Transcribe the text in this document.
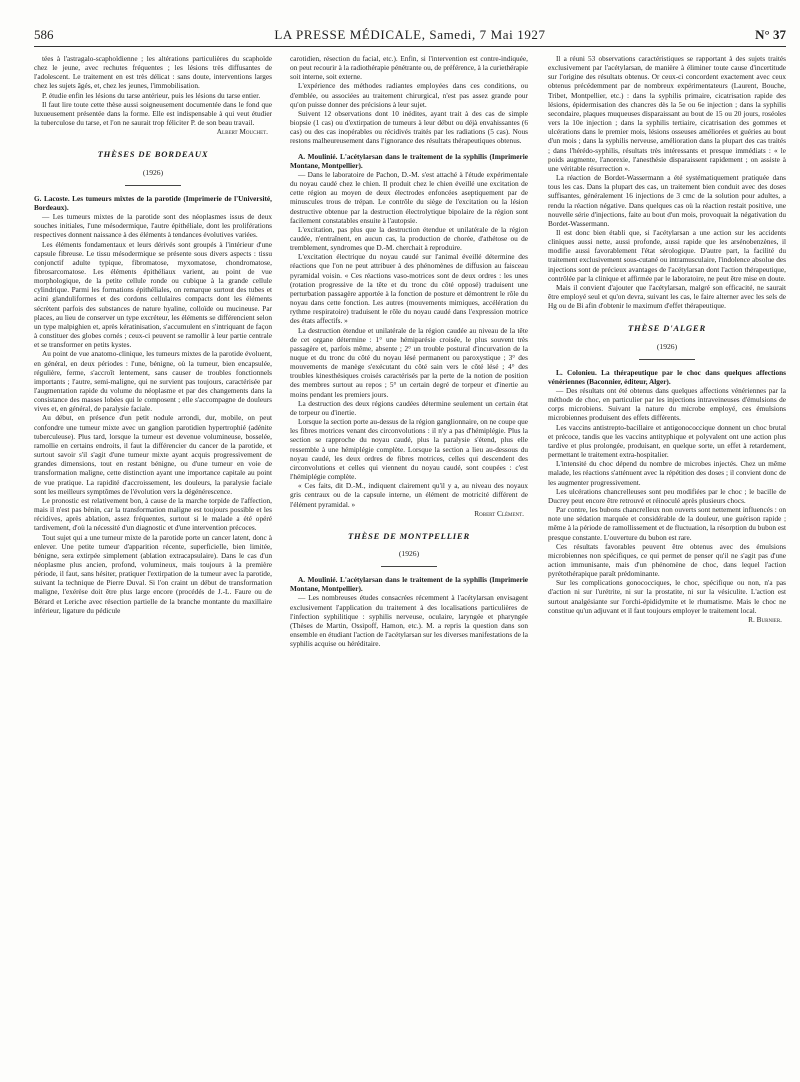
586	LA PRESSE MÉDICALE, Samedi, 7 Mai 1927	N° 37

tées à l'astragalo-scaphoïdienne ; les altérations particulières du scaphoïde chez le jeune, avec rechutes fréquentes ; les lésions très diffusantes de l'adolescent. Le traitement en est très délicat : sans doute, interventions larges chez les sujets âgés, et, chez les jeunes, l'immobilisation.

P. étudie enfin les lésions du tarse antérieur, puis les lésions du tarse entier.

Il faut lire toute cette thèse aussi soigneusement documentée dans le fond que luxueusement présentée dans la forme. Elle est indispensable à qui veut étudier la tuberculose du tarse, et l'on ne saurait trop féliciter P. de son beau travail.

Albert Mouchet.
THÈSES DE BORDEAUX
(1926)

G. Lacoste. Les tumeurs mixtes de la parotide (Imprimerie de l'Université, Bordeaux).

— Les tumeurs mixtes de la parotide sont des néoplasmes issus de deux souches initiales, l'une mésodermique, l'autre épithéliale, dont les proliférations respectives donnent naissance à des éléments à tendances évolutives variées.

Les éléments fondamentaux et leurs dérivés sont groupés à l'intérieur d'une capsule fibreuse. Le tissu mésodermique se présente sous divers aspects : tissu conjonctif adulte typique, fibromatose, myxomatose, chondromatose, fibrosarcomatose. Les éléments épithéliaux varient, au point de vue morphologique, de la petite cellule ronde ou cubique à la grande cellule cylindrique. Parmi les formations épithéliales, on remarque surtout des tubes et acini glanduliformes et des cordons cellulaires compacts dont les éléments sécrètent parfois des substances de nature hyaline, colloïde ou mucineuse. Par places, au lieu de conserver un type excréteur, les éléments se différencient selon un type malpighien et, après kératinisation, s'accumulent en s'intriquant de façon à constituer des globes cornés ; ceux-ci peuvent se ramollir à leur partie centrale et se transformer en petits kystes.

Au point de vue anatomo-clinique, les tumeurs mixtes de la parotide évoluent, en général, en deux périodes : l'une, bénigne, où la tumeur, bien encapsulée, régulière, ferme, s'accroît lentement, sans causer de troubles fonctionnels importants ; l'autre, semi-maligne, qui ne survient pas toujours, caractérisée par l'augmentation rapide du volume du néoplasme et par des changements dans la consistance des masses lobées qui le composent ; elle s'accompagne de douleurs vives et, en général, de paralysie faciale.

Au début, en présence d'un petit nodule arrondi, dur, mobile, on peut confondre une tumeur mixte avec un ganglion parotidien hypertrophié (adénite tuberculeuse). Plus tard, lorsque la tumeur est devenue volumineuse, bosselée, ramollie en certains endroits, il faut la différencier du cancer de la parotide, et surtout savoir s'il s'agit d'une tumeur mixte ayant acquis progressivement de grandes dimensions, tout en restant bénigne, ou d'une tumeur en voie de transformation maligne, cette distinction ayant une importance capitale au point de vue pratique. La rapidité d'accroissement, les douleurs, la paralysie faciale sont les meilleurs symptômes de l'évolution vers la dégénérescence.

Le pronostic est relativement bon, à cause de la marche torpide de l'affection, mais il n'est pas bénin, car la transformation maligne est toujours possible et les récidives, après ablation, assez fréquentes, surtout si le malade a été opéré tardivement, d'où la nécessité d'un diagnostic et d'une intervention précoces.

Tout sujet qui a une tumeur mixte de la parotide porte un cancer latent, donc à enlever. Une petite tumeur d'apparition récente, superficielle, bien limitée, bénigne, sera extirpée simplement (ablation extracapsulaire). Dans le cas d'un néoplasme plus ancien, profond, volumineux, mais toujours à la première période, il faut, sans hésiter, pratiquer l'extirpation de la tumeur avec la parotide, suivant la technique de Pierre Duval. Si l'on craint un début de transformation maligne, l'exérèse doit être plus large encore (procédés de J.-L. Faure ou de Bérard et Leriche avec résection partielle de la branche montante du maxillaire inférieur, ligature du pédicule

carotidien, résection du facial, etc.). Enfin, si l'intervention est contre-indiquée, on peut recourir à la radiothérapie pénétrante ou, de préférence, à la curiethérapie soit interne, soit externe.

L'expérience des méthodes radiantes employées dans ces conditions, ou d'emblée, ou associées au traitement chirurgical, n'est pas assez grande pour qu'on puisse donner des précisions à leur sujet.

Suivent 12 observations dont 10 inédites, ayant trait à des cas de simple biopsie (1 cas) ou d'extirpation de tumeurs à leur début ou déjà envahissantes (6 cas) ou des cas inopérables ou récidivés traités par les radiations (5 cas). Nous restons malheureusement dans l'ignorance des résultats thérapeutiques obtenus.

A. Moulinié. L'acétylarsan dans le traitement de la syphilis (Imprimerie Montane, Montpellier).

— Dans le laboratoire de Pachon, D.-M. s'est attaché à l'étude expérimentale du noyau caudé chez le chien. Il produit chez le chien éveillé une excitation de cette région au moyen de deux électrodes enfoncées aseptiquement par de minuscules trous de trépan. Le contrôle du siège de l'excitation ou la lésion destructive obtenue par la destruction électrolytique bipolaire de la région sont facilement constatables ensuite à l'autopsie.

L'excitation, pas plus que la destruction étendue et unilatérale de la région caudée, n'entraînent, en aucun cas, la production de chorée, d'athétose ou de tremblement, syndromes que D.-M. cherchait à reproduire.

L'excitation électrique du noyau caudé sur l'animal éveillé détermine des réactions que l'on ne peut attribuer à des phénomènes de diffusion au faisceau pyramidal voisin. « Ces réactions vaso-motrices sont de deux ordres : les unes (rotation progressive de la tête et du tronc du côté opposé) traduisent une perturbation passagère apportée à la fonction de posture et démontrent le rôle du noyau dans cette fonction. Les autres (mouvements mimiques, accélération du rythme respiratoire) traduisent le rôle du noyau caudé dans l'expression motrice des états affectifs. »

La destruction étendue et unilatérale de la région caudée au niveau de la tête de cet organe détermine : 1° une hémiparésie croisée, le plus souvent très passagère et, parfois même, absente ; 2° un trouble postural d'incurvation de la nuque et du tronc du côté du noyau lésé permanent ou paroxystique ; 3° des mouvements de manège s'exécutant du côté sain vers le côté lésé ; 4° des troubles kinesthésiques croisés caractérisés par la perte de la notion de position des membres surtout au repos ; 5° un certain degré de torpeur et d'inertie au moins pendant les premiers jours.

La destruction des deux régions caudées détermine seulement un certain état de torpeur ou d'inertie.

Lorsque la section porte au-dessus de la région ganglionnaire, on ne coupe que les fibres motrices venant des circonvolutions : il n'y a pas d'hémiplégie. Plus la section se rapproche du noyau caudé, plus la paralysie s'étend, plus elle ressemble à une hémiplégie complète. Lorsque la section a lieu au-dessous du noyau caudé, les deux ordres de fibres motrices, celles qui descendent des circonvolutions et celles qui viennent du noyau caudé, sont coupées : c'est l'hémiplégie complète.

« Ces faits, dit D.-M., indiquent clairement qu'il y a, au niveau des noyaux gris centraux ou de la capsule interne, un élément de motricité différent de l'élément pyramidal. »

Robert Clément.
THÈSE DE MONTPELLIER
(1926)

A. Moulinié. L'acétylarsan dans le traitement de la syphilis (Imprimerie Montane, Montpellier).

— Les nombreuses études consacrées récemment à l'acétylarsan envisagent exclusivement l'application du traitement à des localisations particulières de l'infection syphilitique : syphilis nerveuse, oculaire, laryngée et pharyngée (Thèses de Martin, Ossipoff, Hamon, etc.). M. a repris la question dans son ensemble en étudiant l'action de l'acétylarsan sur les diverses manifestations de la syphilis acquise ou héréditaire.

Il a réuni 53 observations caractéristiques se rapportant à des sujets traités exclusivement par l'acétylarsan, de manière à éliminer toute cause d'incertitude sur l'origine des résultats obtenus. Or ceux-ci concordent exactement avec ceux obtenus précédemment par de nombreux expérimentateurs (Laurent, Bouche, Tribet, Montpellier, etc.) : dans la syphilis primaire, cicatrisation rapide des lésions, épidermisation des chancres dès la 5e ou 6e injection ; dans la syphilis secondaire, plaques muqueuses disparaissant au bout de 15 ou 20 jours, roséoles vers la 10e injection ; dans la syphilis tertiaire, cicatrisation des gommes et ulcérations dans le premier mois, lésions osseuses améliorées et guéries au bout d'un mois ; dans la syphilis nerveuse, amélioration dans la plupart des cas traités ; dans l'hérédo-syphilis, résultats très intéressants et presque immédiats : « le poids augmente, l'anorexie, l'anesthésie disparaissent rapidement ; on assiste à une véritable résurrection ».

La réaction de Bordet-Wassermann a été systématiquement pratiquée dans tous les cas. Dans la plupart des cas, un traitement bien conduit avec des doses suffisantes, généralement 16 injections de 3 cmc de la solution pour adultes, a rendu la réaction négative. Dans quelques cas où la réaction restait positive, une nouvelle série d'injections, faite au bout d'un mois, provoquait la négativation du Bordet-Wassermann.

Il est donc bien établi que, si l'acétylarsan a une action sur les accidents cliniques aussi nette, aussi profonde, aussi rapide que les arsénobenzènes, il modifie aussi favorablement l'état sérologique. D'autre part, la facilité du traitement exclusivement sous-cutané ou intramusculaire, l'indolence absolue des injections sont de précieux avantages de l'acétylarsan dont l'action thérapeutique, contrôlée par la clinique et affirmée par le laboratoire, ne peut être mise en doute.

Mais il convient d'ajouter que l'acétylarsan, malgré son efficacité, ne saurait être employé seul et qu'on devra, suivant les cas, le faire alterner avec les sels de Hg ou de Bi afin d'obtenir le maximum d'effet thérapeutique.

THÈSE D'ALGER
(1926)

L. Colonieu. La thérapeutique par le choc dans quelques affections vénériennes (Baconnier, éditeur, Alger).

— Des résultats ont été obtenus dans quelques affections vénériennes par la méthode de choc, en particulier par les injections intraveineuses d'émulsions de corps microbiens. Suivant la nature du microbe employé, ces émulsions microbiennes produisent des effets différents.

Les vaccins antistrepto-bacillaire et antigonococcique donnent un choc brutal et précoce, tandis que les vaccins antityphique et polyvalent ont une action plus tardive et plus prolongée, produisant, en quelque sorte, un effet à retardement, permettant le traitement extra-hospitalier.

L'intensité du choc dépend du nombre de microbes injectés. Chez un même malade, les réactions s'atténuent avec la répétition des doses ; il convient donc de les augmenter progressivement.

Les ulcérations chancrelleuses sont peu modifiées par le choc ; le bacille de Ducrey peut encore être retrouvé et réinoculé après plusieurs chocs.

Par contre, les bubons chancrelleux non ouverts sont nettement influencés : on note une sédation marquée et considérable de la douleur, une guérison rapide ; même à la période de ramollissement et de fluctuation, la résorption du bubon est presque constante. L'ouverture du bubon est rare.

Ces résultats favorables peuvent être obtenus avec des émulsions microbiennes non spécifiques, ce qui permet de penser qu'il ne s'agit pas d'une action immunisante, mais d'un phénomène de choc, dans lequel l'action pyrétothérapique paraît prédominante.

Sur les complications gonococciques, le choc, spécifique ou non, n'a pas d'action ni sur l'urétrite, ni sur la prostatite, ni sur la vésiculite. L'action est surtout analgésiante sur l'orchi-épididymite et le rhumatisme. Mais le choc ne constitue qu'un adjuvant et il faut toujours employer le traitement local.

R. Burnier.
